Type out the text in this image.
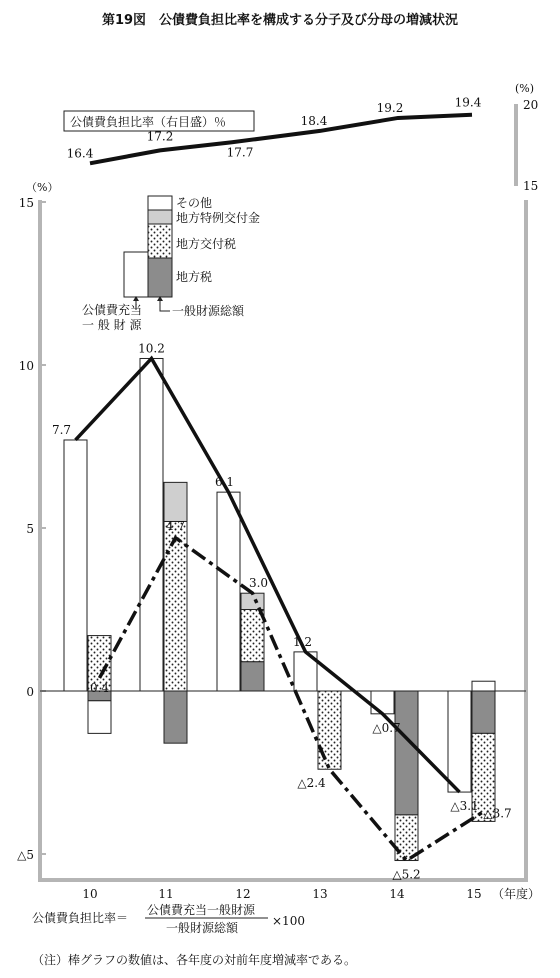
第19図　公債費負担比率を構成する分子及び分母の増減状況
公債費負担比率（右目盛）％
(%)
20
15
16.4
17.2
17.7
18.4
19.2	19.4
その他
地方特例交付金
地方交付税
地方税
公債費充当
一 般 財 源
一般財源総額
（%）
（年度）
15
10
5
0
△5
10	11	12	13	14	15
7.7
10.2
6.1
1.2
△0.7
△3.1
0.4
4.7
3.0
△2.4
△5.2
△3.7
公債費負担比率＝
公債費充当一般財源
一般財源総額	×100
（注）棒グラフの数値は、各年度の対前年度増減率である。
